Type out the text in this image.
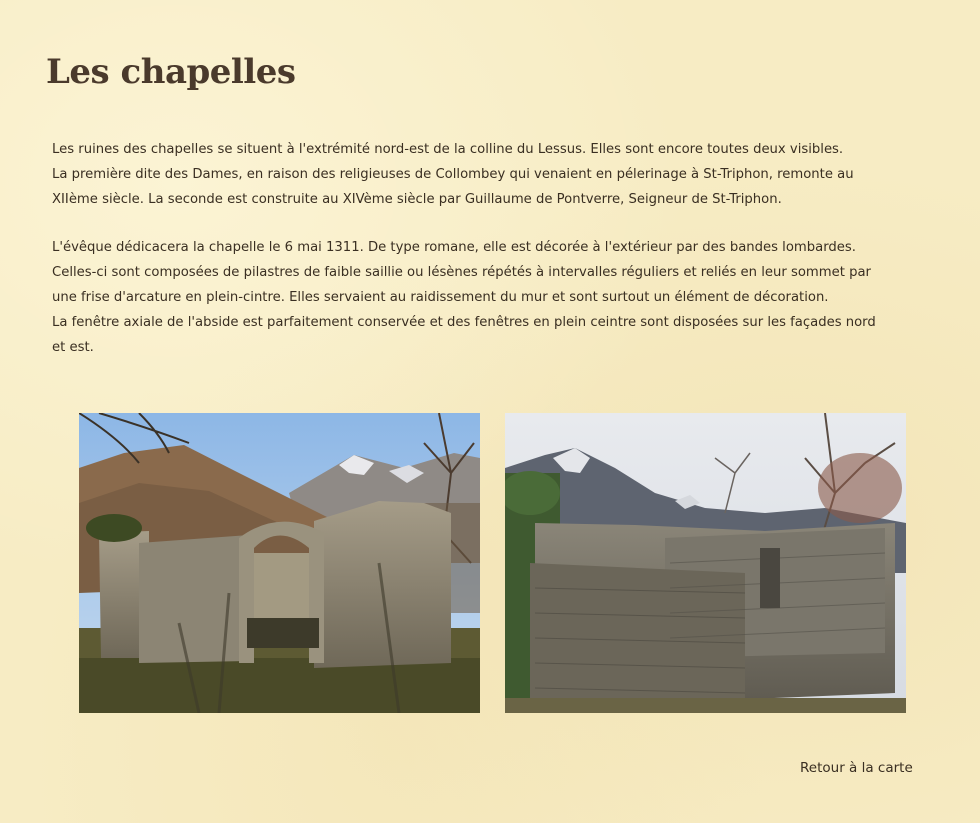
Les chapelles
Les ruines des chapelles se situent à l'extrémité nord-est de la colline du Lessus. Elles sont encore toutes deux visibles.
La première dite des Dames, en raison des religieuses de Collombey qui venaient en pélerinage à St-Triphon, remonte au
XIIème siècle. La seconde est construite au XIVème siècle par Guillaume de Pontverre, Seigneur de St-Triphon.
L'évêque dédicacera la chapelle le 6 mai 1311. De type romane, elle est décorée à l'extérieur par des bandes lombardes.
Celles-ci sont composées de pilastres de faible saillie ou lésènes répétés à intervalles réguliers et reliés en leur sommet par
une frise d'arcature en plein-cintre. Elles servaient au raidissement du mur et sont surtout un élément de décoration.
La fenêtre axiale de l'abside est parfaitement conservée et des fenêtres en plein ceintre sont disposées sur les façades nord
et est.
Retour à la carte
